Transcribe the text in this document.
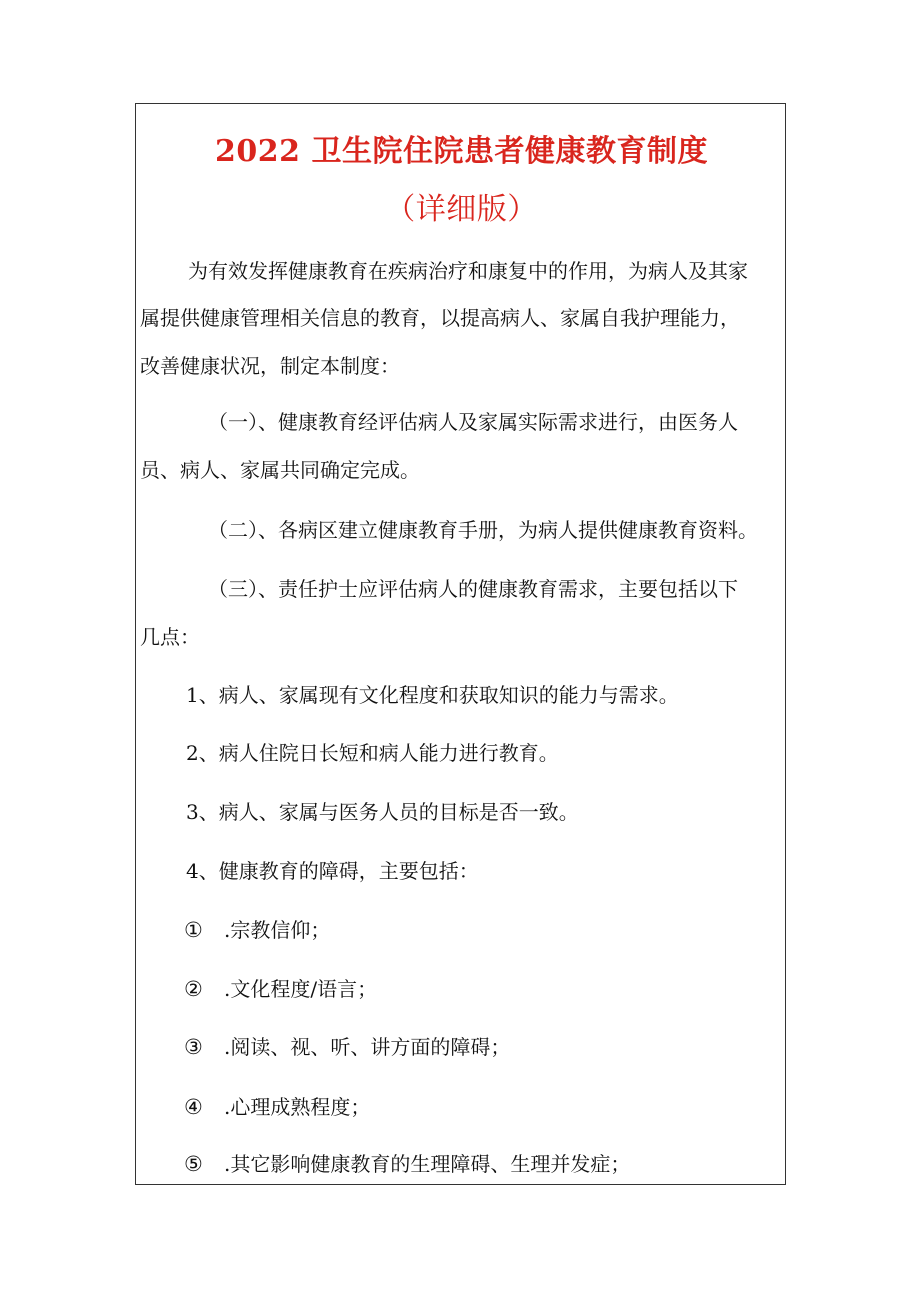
2022 卫生院住院患者健康教育制度
（详细版）
为有效发挥健康教育在疾病治疗和康复中的作用，为病人及其家
属提供健康管理相关信息的教育，以提高病人、家属自我护理能力，
改善健康状况，制定本制度：
（一）、健康教育经评估病人及家属实际需求进行，由医务人
员、病人、家属共同确定完成。
（二）、各病区建立健康教育手册，为病人提供健康教育资料。
（三）、责任护士应评估病人的健康教育需求，主要包括以下
几点：
1、病人、家属现有文化程度和获取知识的能力与需求。
2、病人住院日长短和病人能力进行教育。
3、病人、家属与医务人员的目标是否一致。
4、健康教育的障碍，主要包括：
① .宗教信仰；
② .文化程度/语言；
③ .阅读、视、听、讲方面的障碍；
④ .心理成熟程度；
⑤ .其它影响健康教育的生理障碍、生理并发症；
